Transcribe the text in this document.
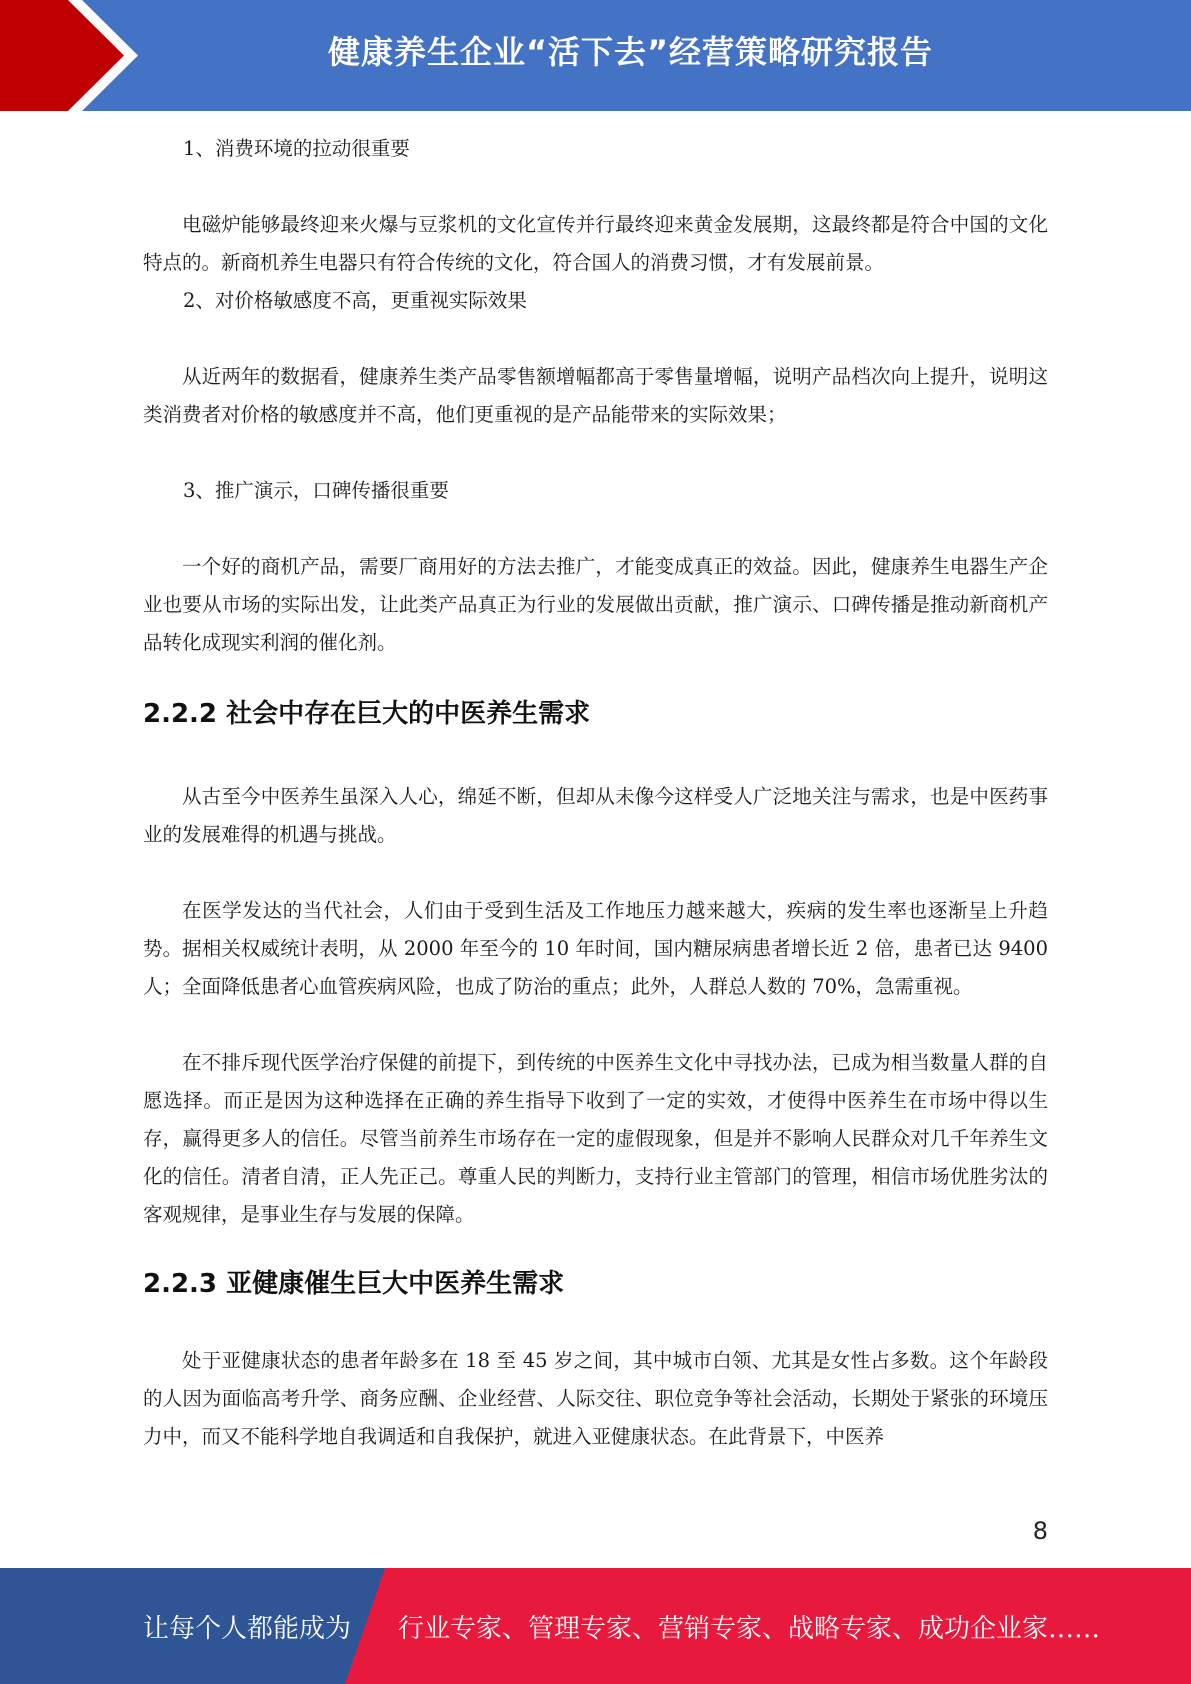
健康养生企业“活下去”经营策略研究报告

1、消费环境的拉动很重要

电磁炉能够最终迎来火爆与豆浆机的文化宣传并行最终迎来黄金发展期，这最终都是符合中国的文化特点的。新商机养生电器只有符合传统的文化，符合国人的消费习惯，才有发展前景。

2、对价格敏感度不高，更重视实际效果

从近两年的数据看，健康养生类产品零售额增幅都高于零售量增幅，说明产品档次向上提升，说明这类消费者对价格的敏感度并不高，他们更重视的是产品能带来的实际效果；

3、推广演示，口碑传播很重要

一个好的商机产品，需要厂商用好的方法去推广，才能变成真正的效益。因此，健康养生电器生产企业也要从市场的实际出发，让此类产品真正为行业的发展做出贡献，推广演示、口碑传播是推动新商机产品转化成现实利润的催化剂。

2.2.2 社会中存在巨大的中医养生需求

从古至今中医养生虽深入人心，绵延不断，但却从未像今这样受人广泛地关注与需求，也是中医药事业的发展难得的机遇与挑战。

在医学发达的当代社会，人们由于受到生活及工作地压力越来越大，疾病的发生率也逐渐呈上升趋势。据相关权威统计表明，从 2000 年至今的 10 年时间，国内糖尿病患者增长近 2 倍，患者已达 9400 人；全面降低患者心血管疾病风险，也成了防治的重点；此外，人群总人数的 70%，急需重视。

在不排斥现代医学治疗保健的前提下，到传统的中医养生文化中寻找办法，已成为相当数量人群的自愿选择。而正是因为这种选择在正确的养生指导下收到了一定的实效，才使得中医养生在市场中得以生存，赢得更多人的信任。尽管当前养生市场存在一定的虚假现象，但是并不影响人民群众对几千年养生文化的信任。清者自清，正人先正己。尊重人民的判断力，支持行业主管部门的管理，相信市场优胜劣汰的客观规律，是事业生存与发展的保障。

2.2.3 亚健康催生巨大中医养生需求

处于亚健康状态的患者年龄多在 18 至 45 岁之间，其中城市白领、尤其是女性占多数。这个年龄段的人因为面临高考升学、商务应酬、企业经营、人际交往、职位竞争等社会活动，长期处于紧张的环境压力中，而又不能科学地自我调适和自我保护，就进入亚健康状态。在此背景下，中医养

8
让每个人都能成为 行业专家、管理专家、营销专家、战略专家、成功企业家……
